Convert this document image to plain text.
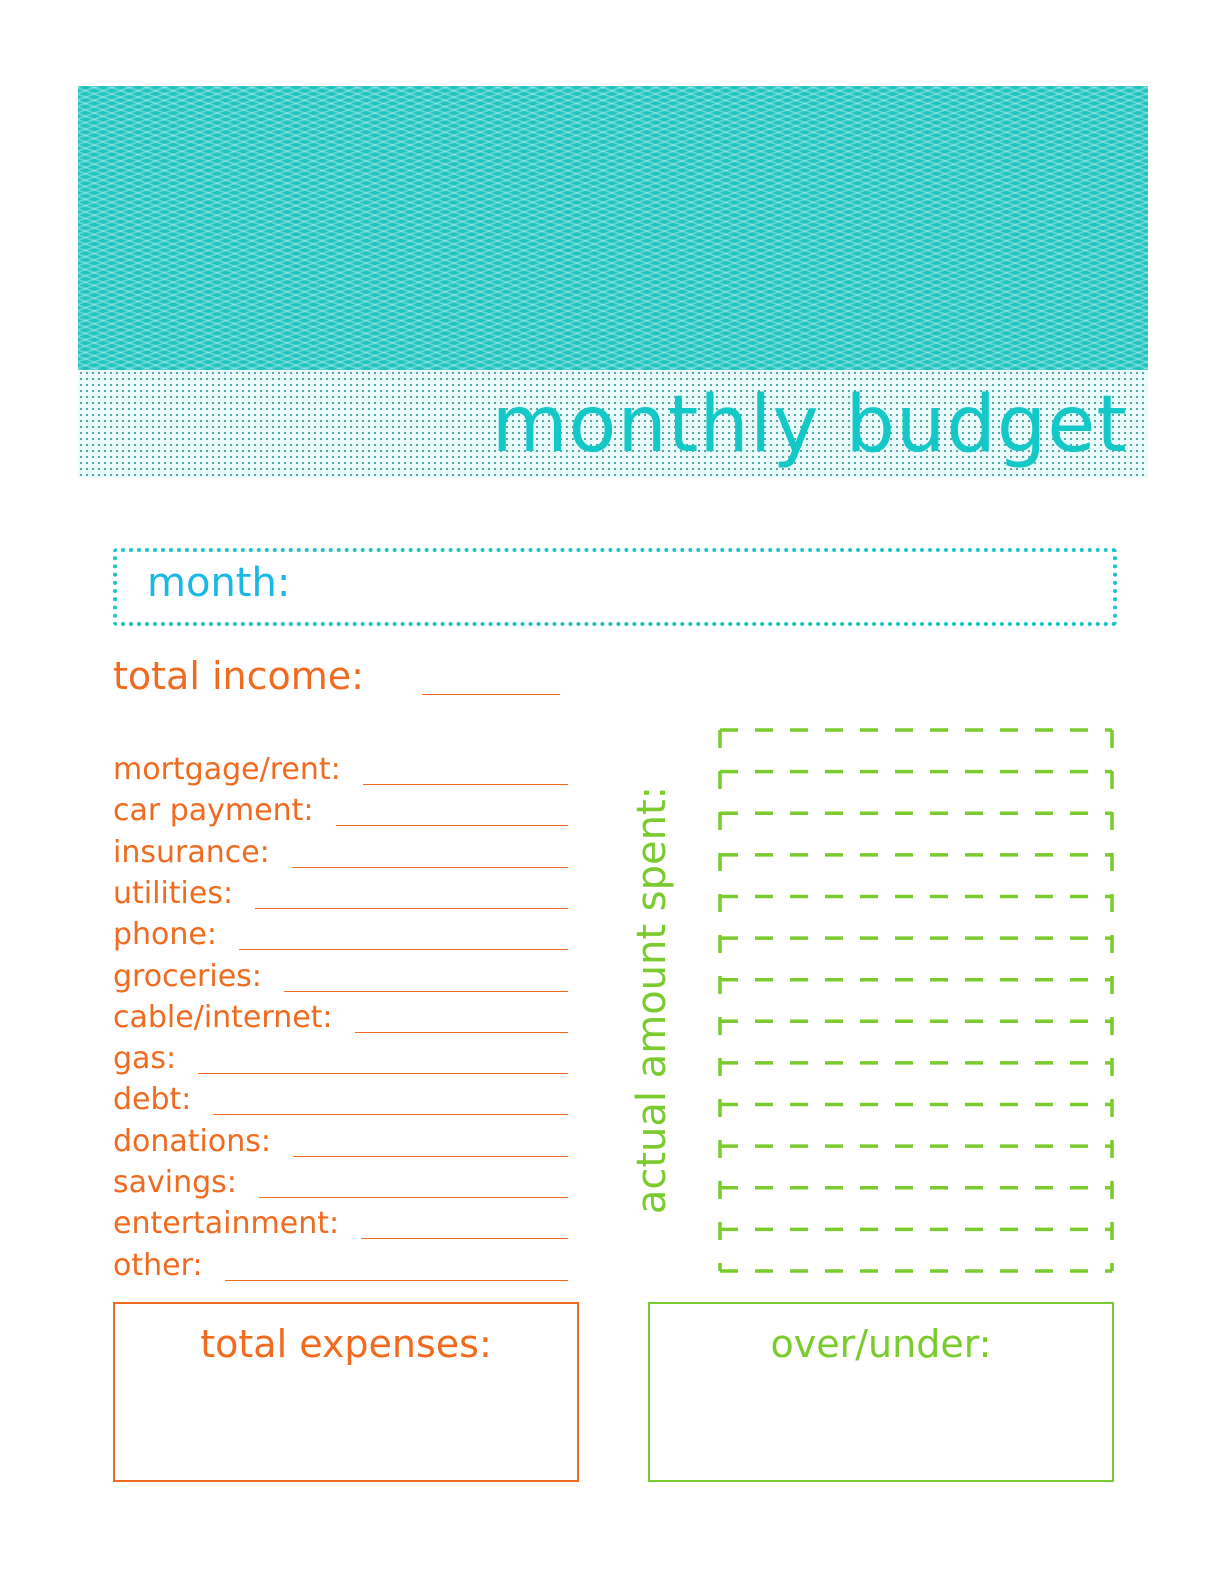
monthly budget
month:
total income:
mortgage/rent:
car payment:
insurance:
utilities:
phone:
groceries:
cable/internet:
gas:
debt:
donations:
savings:
entertainment:
other:
actual amount spent:
total expenses:	over/under:
